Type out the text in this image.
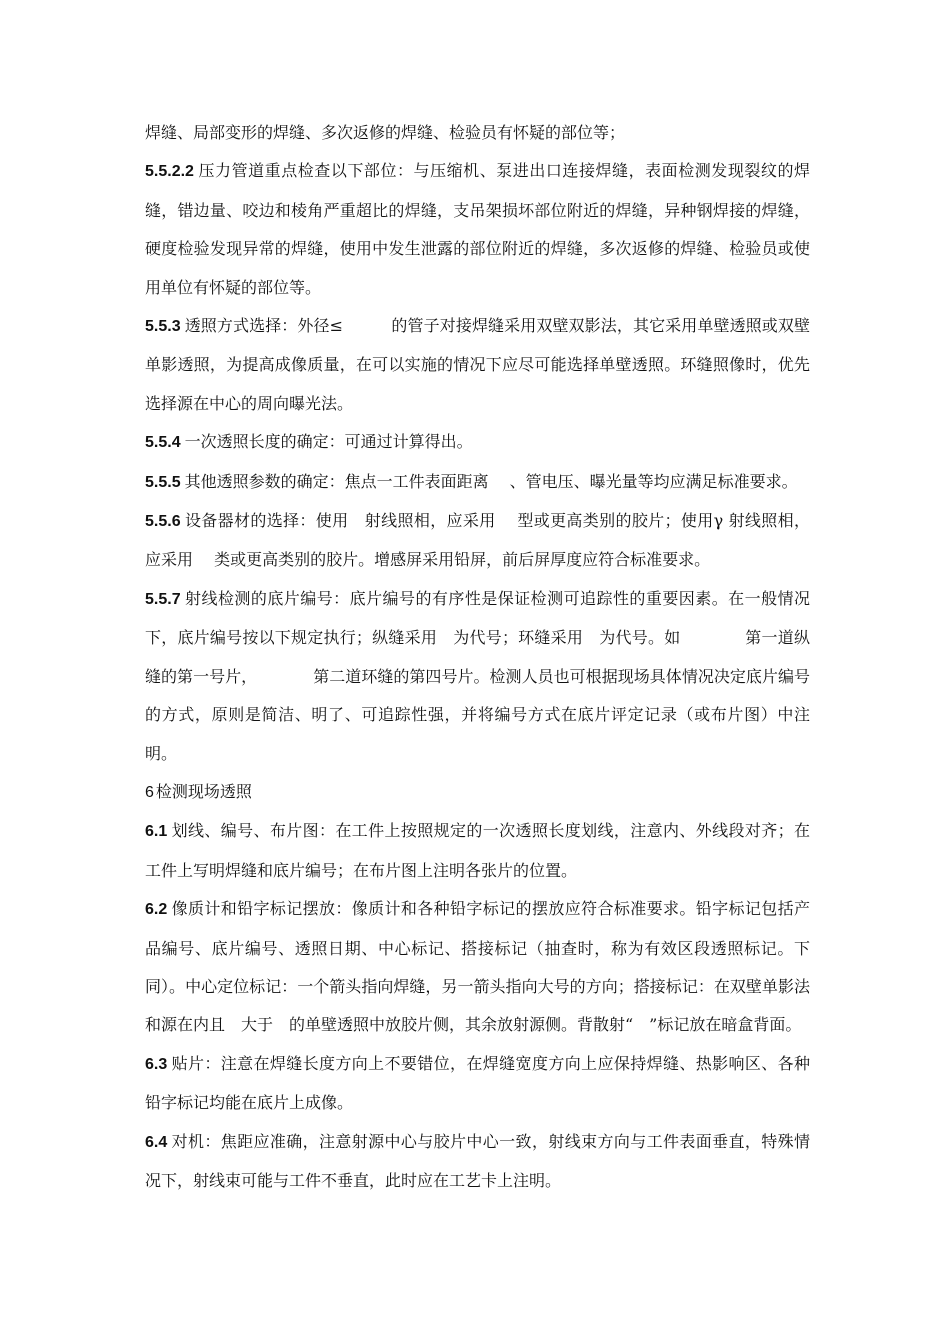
焊缝、局部变形的焊缝、多次返修的焊缝、检验员有怀疑的部位等；

5.5.2.2 压力管道重点检查以下部位：与压缩机、泵进出口连接焊缝，表面检测发现裂纹的焊缝，错边量、咬边和棱角严重超比的焊缝，支吊架损坏部位附近的焊缝，异种钢焊接的焊缝，硬度检验发现异常的焊缝，使用中发生泄露的部位附近的焊缝，多次返修的焊缝、检验员或使用单位有怀疑的部位等。

5.5.3 透照方式选择：外径≤　　　的管子对接焊缝采用双壁双影法，其它采用单壁透照或双壁单影透照，为提高成像质量，在可以实施的情况下应尽可能选择单壁透照。环缝照像时，优先选择源在中心的周向曝光法。

5.5.4 一次透照长度的确定：可通过计算得出。

5.5.5 其他透照参数的确定：焦点一工件表面距离　 、管电压、曝光量等均应满足标准要求。

5.5.6 设备器材的选择：使用　射线照相，应采用　 型或更高类别的胶片；使用γ 射线照相，应采用　 类或更高类别的胶片。增感屏采用铅屏，前后屏厚度应符合标准要求。

5.5.7 射线检测的底片编号：底片编号的有序性是保证检测可追踪性的重要因素。在一般情况下，底片编号按以下规定执行；纵缝采用　为代号；环缝采用　为代号。如　　　　第一道纵缝的第一号片，　　　　第二道环缝的第四号片。检测人员也可根据现场具体情况决定底片编号的方式，原则是简洁、明了、可追踪性强，并将编号方式在底片评定记录（或布片图）中注明。

6 检测现场透照

6.1 划线、编号、布片图：在工件上按照规定的一次透照长度划线，注意内、外线段对齐；在工件上写明焊缝和底片编号；在布片图上注明各张片的位置。

6.2 像质计和铅字标记摆放：像质计和各种铅字标记的摆放应符合标准要求。铅字标记包括产品编号、底片编号、透照日期、中心标记、搭接标记（抽查时，称为有效区段透照标记。下同）。中心定位标记：一个箭头指向焊缝，另一箭头指向大号的方向；搭接标记：在双壁单影法和源在内且　大于　的单壁透照中放胶片侧，其余放射源侧。背散射“　”标记放在暗盒背面。

6.3 贴片：注意在焊缝长度方向上不要错位，在焊缝宽度方向上应保持焊缝、热影响区、各种铅字标记均能在底片上成像。

6.4 对机：焦距应准确，注意射源中心与胶片中心一致，射线束方向与工件表面垂直，特殊情况下，射线束可能与工件不垂直，此时应在工艺卡上注明。
